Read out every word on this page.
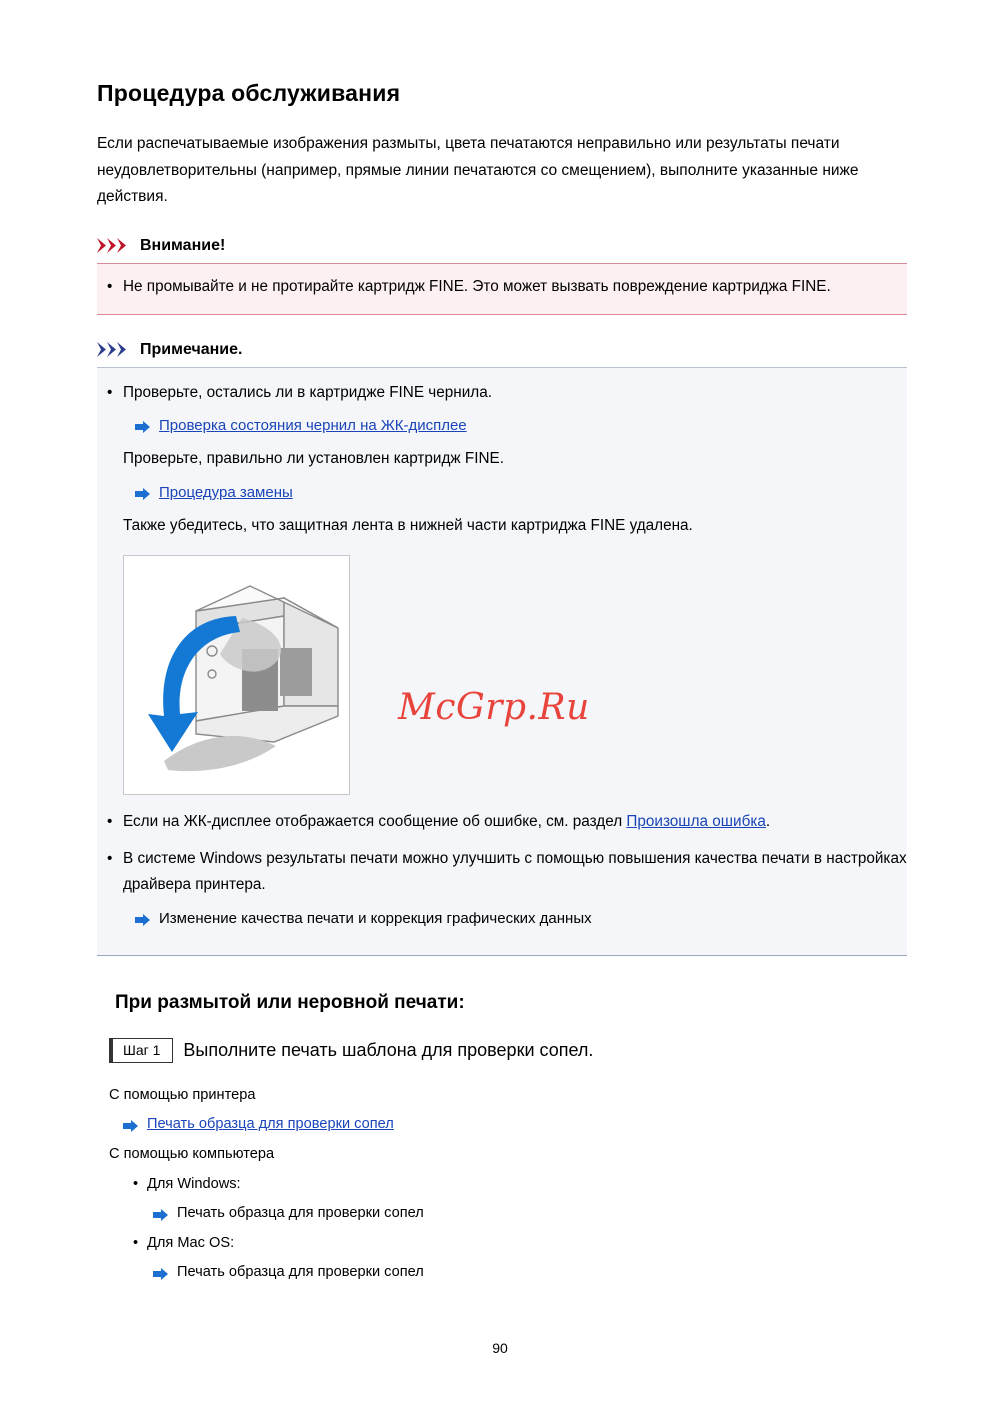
Процедура обслуживания

Если распечатываемые изображения размыты, цвета печатаются неправильно или результаты печати неудовлетворительны (например, прямые линии печатаются со смещением), выполните указанные ниже действия.

Внимание!
• Не промывайте и не протирайте картридж FINE. Это может вызвать повреждение картриджа FINE.
Примечание.
• Проверьте, остались ли в картридже FINE чернила.
Проверка состояния чернил на ЖК-дисплее
Проверьте, правильно ли установлен картридж FINE.
Процедура замены
Также убедитесь, что защитная лента в нижней части картриджа FINE удалена.
McGrp.Ru
• Если на ЖК-дисплее отображается сообщение об ошибке, см. раздел Произошла ошибка.
• В системе Windows результаты печати можно улучшить с помощью повышения качества печати в настройках драйвера принтера.
Изменение качества печати и коррекция графических данных
При размытой или неровной печати:
Шаг 1	Выполните печать шаблона для проверки сопел.
С помощью принтера
Печать образца для проверки сопел
С помощью компьютера
• Для Windows:
Печать образца для проверки сопел
• Для Mac OS:
Печать образца для проверки сопел
90
